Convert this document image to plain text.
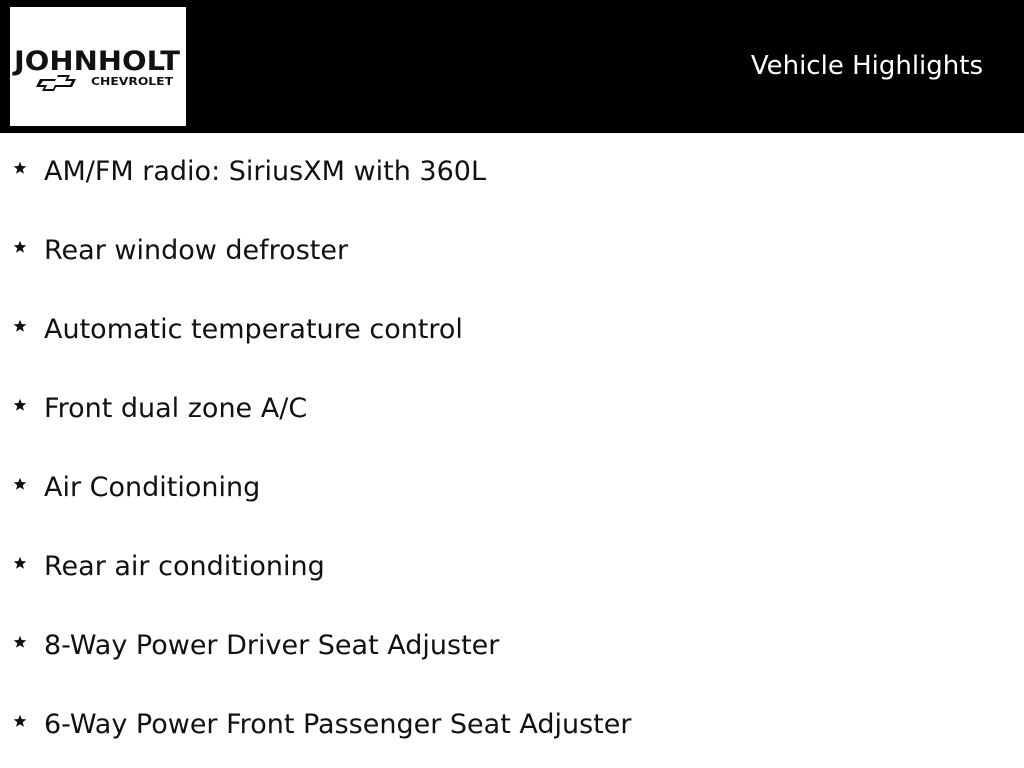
JOHNHOLT
CHEVROLET
Vehicle Highlights
AM/FM radio: SiriusXM with 360L
Rear window defroster
Automatic temperature control
Front dual zone A/C
Air Conditioning
Rear air conditioning
8-Way Power Driver Seat Adjuster
6-Way Power Front Passenger Seat Adjuster
